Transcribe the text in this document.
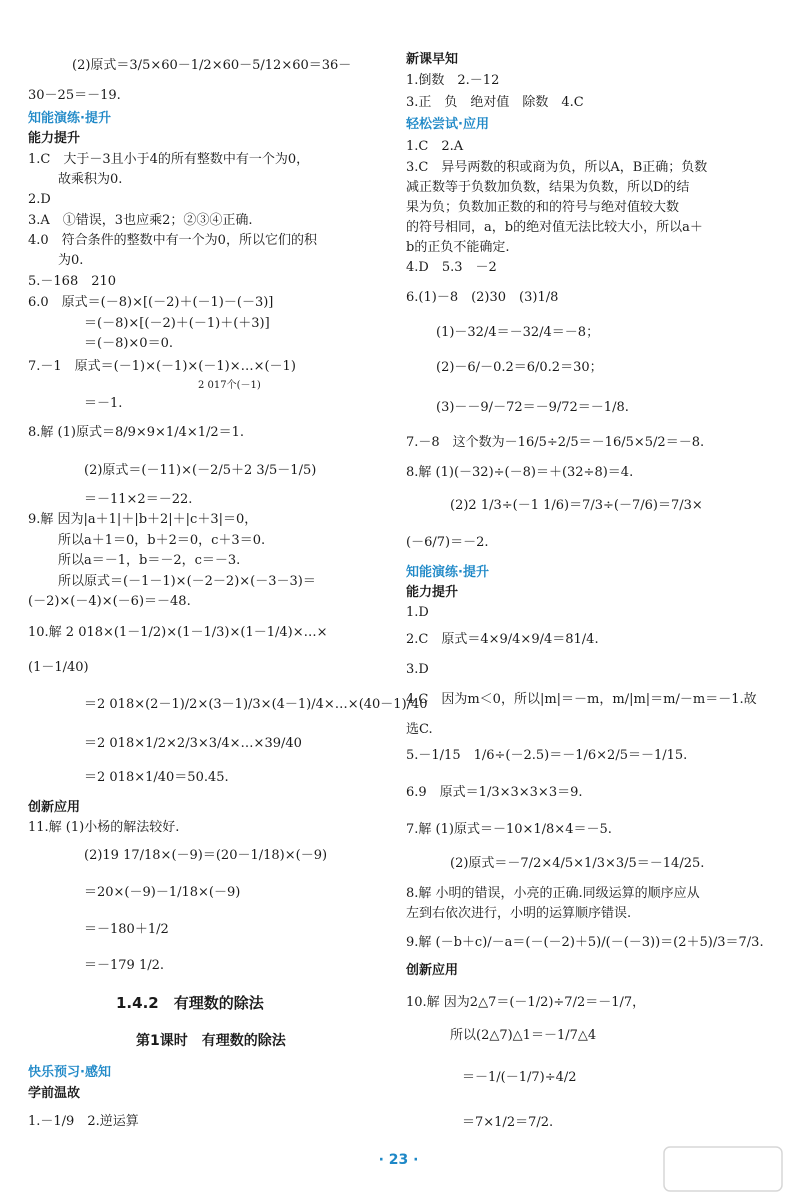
(2)原式＝3/5×60－1/2×60－5/12×60＝36－
30－25＝－19.
知能演练·提升
能力提升
1.C　大于－3且小于4的所有整数中有一个为0，
故乘积为0.
2.D
3.A　①错误，3也应乘2；②③④正确.
4.0　符合条件的整数中有一个为0，所以它们的积
为0.
5.－168　210
6.0　原式＝(－8)×[(－2)＋(－1)－(－3)]
＝(－8)×[(－2)＋(－1)＋(＋3)]
＝(－8)×0＝0.
7.－1　原式＝(－1)×(－1)×(－1)×…×(－1)
2 017个(－1)
＝－1.
8.解 (1)原式＝8/9×9×1/4×1/2＝1.
(2)原式＝(－11)×(－2/5＋2 3/5－1/5)
＝－11×2＝－22.
9.解 因为|a＋1|＋|b＋2|＋|c＋3|＝0，
所以a＋1＝0，b＋2＝0，c＋3＝0.
所以a＝－1，b＝－2，c＝－3.
所以原式＝(－1－1)×(－2－2)×(－3－3)＝
(－2)×(－4)×(－6)＝－48.
10.解 2 018×(1－1/2)×(1－1/3)×(1－1/4)×…×
(1－1/40)
＝2 018×(2－1)/2×(3－1)/3×(4－1)/4×…×(40－1)/40
＝2 018×1/2×2/3×3/4×…×39/40
＝2 018×1/40＝50.45.
创新应用
11.解 (1)小杨的解法较好.
(2)19 17/18×(－9)＝(20－1/18)×(－9)
＝20×(－9)－1/18×(－9)
＝－180＋1/2
＝－179 1/2.
1.4.2　有理数的除法
第1课时　有理数的除法
快乐预习·感知
学前温故
1.－1/9　2.逆运算
新课早知
1.倒数　2.－12
3.正　负　绝对值　除数　4.C
轻松尝试·应用
1.C　2.A
3.C　异号两数的积或商为负，所以A，B正确；负数
减正数等于负数加负数，结果为负数，所以D的结
果为负；负数加正数的和的符号与绝对值较大数
的符号相同，a，b的绝对值无法比较大小，所以a＋
b的正负不能确定.
4.D　5.3　－2
6.(1)－8　(2)30　(3)1/8
(1)－32/4＝－32/4＝－8；
(2)－6/－0.2＝6/0.2＝30；
(3)－－9/－72＝－9/72＝－1/8.
7.－8　这个数为－16/5÷2/5＝－16/5×5/2＝－8.
8.解 (1)(－32)÷(－8)＝＋(32÷8)＝4.
(2)2 1/3÷(－1 1/6)＝7/3÷(－7/6)＝7/3×
(－6/7)＝－2.
知能演练·提升
能力提升
1.D
2.C　原式＝4×9/4×9/4＝81/4.
3.D
4.C　因为m＜0，所以|m|＝－m，m/|m|＝m/－m＝－1.故
选C.
5.－1/15　1/6÷(－2.5)＝－1/6×2/5＝－1/15.
6.9　原式＝1/3×3×3×3＝9.
7.解 (1)原式＝－10×1/8×4＝－5.
(2)原式＝－7/2×4/5×1/3×3/5＝－14/25.
8.解 小明的错误，小亮的正确.同级运算的顺序应从
左到右依次进行，小明的运算顺序错误.
9.解 (－b＋c)/－a＝(－(－2)＋5)/(－(－3))＝(2＋5)/3＝7/3.
创新应用
10.解 因为2△7＝(－1/2)÷7/2＝－1/7，
所以(2△7)△1＝－1/7△4
＝－1/(－1/7)÷4/2
＝7×1/2＝7/2.
· 23 ·
